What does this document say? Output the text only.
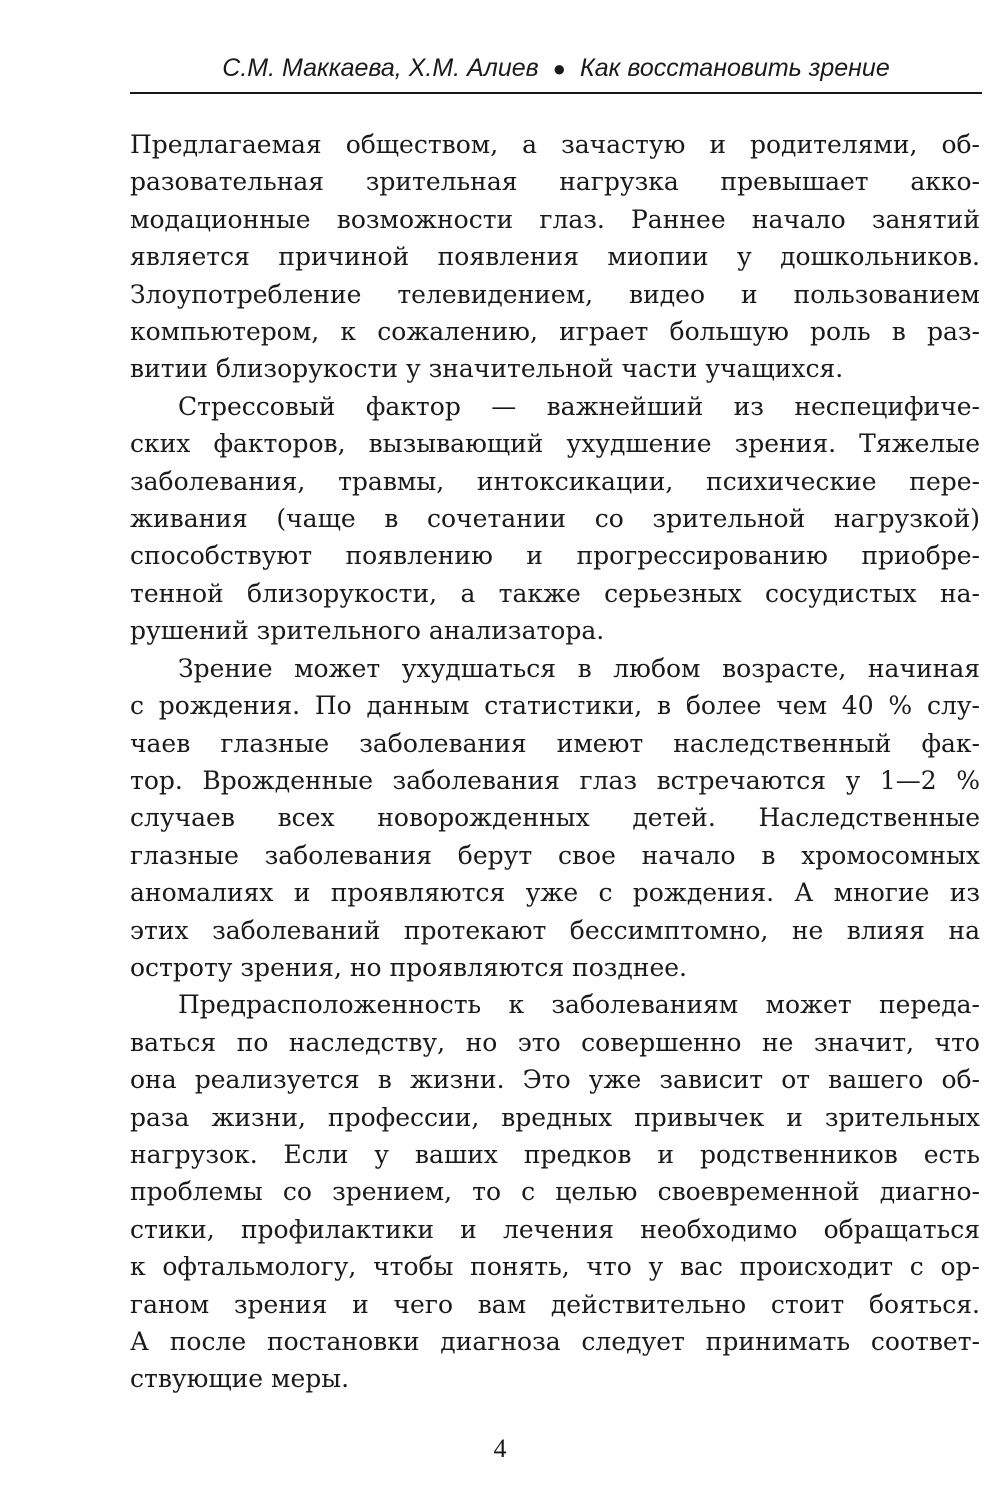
С.М. Маккаева, Х.М. Алиев ● Как восстановить зрение

Предлагаемая обществом, а зачастую и родителями, об-
разовательная зрительная нагрузка превышает акко-
модационные возможности глаз. Раннее начало занятий
является причиной появления миопии у дошкольников.
Злоупотребление телевидением, видео и пользованием
компьютером, к сожалению, играет большую роль в раз-
витии близорукости у значительной части учащихся.

Стрессовый фактор — важнейший из неспецифиче-
ских факторов, вызывающий ухудшение зрения. Тяжелые
заболевания, травмы, интоксикации, психические пере-
живания (чаще в сочетании со зрительной нагрузкой)
способствуют появлению и прогрессированию приобре-
тенной близорукости, а также серьезных сосудистых на-
рушений зрительного анализатора.

Зрение может ухудшаться в любом возрасте, начиная
с рождения. По данным статистики, в более чем 40 % слу-
чаев глазные заболевания имеют наследственный фак-
тор. Врожденные заболевания глаз встречаются у 1—2 %
случаев всех новорожденных детей. Наследственные
глазные заболевания берут свое начало в хромосомных
аномалиях и проявляются уже с рождения. А многие из
этих заболеваний протекают бессимптомно, не влияя на
остроту зрения, но проявляются позднее.

Предрасположенность к заболеваниям может переда-
ваться по наследству, но это совершенно не значит, что
она реализуется в жизни. Это уже зависит от вашего об-
раза жизни, профессии, вредных привычек и зрительных
нагрузок. Если у ваших предков и родственников есть
проблемы со зрением, то с целью своевременной диагно-
стики, профилактики и лечения необходимо обращаться
к офтальмологу, чтобы понять, что у вас происходит с ор-
ганом зрения и чего вам действительно стоит бояться.
А после постановки диагноза следует принимать соответ-
ствующие меры.

4
